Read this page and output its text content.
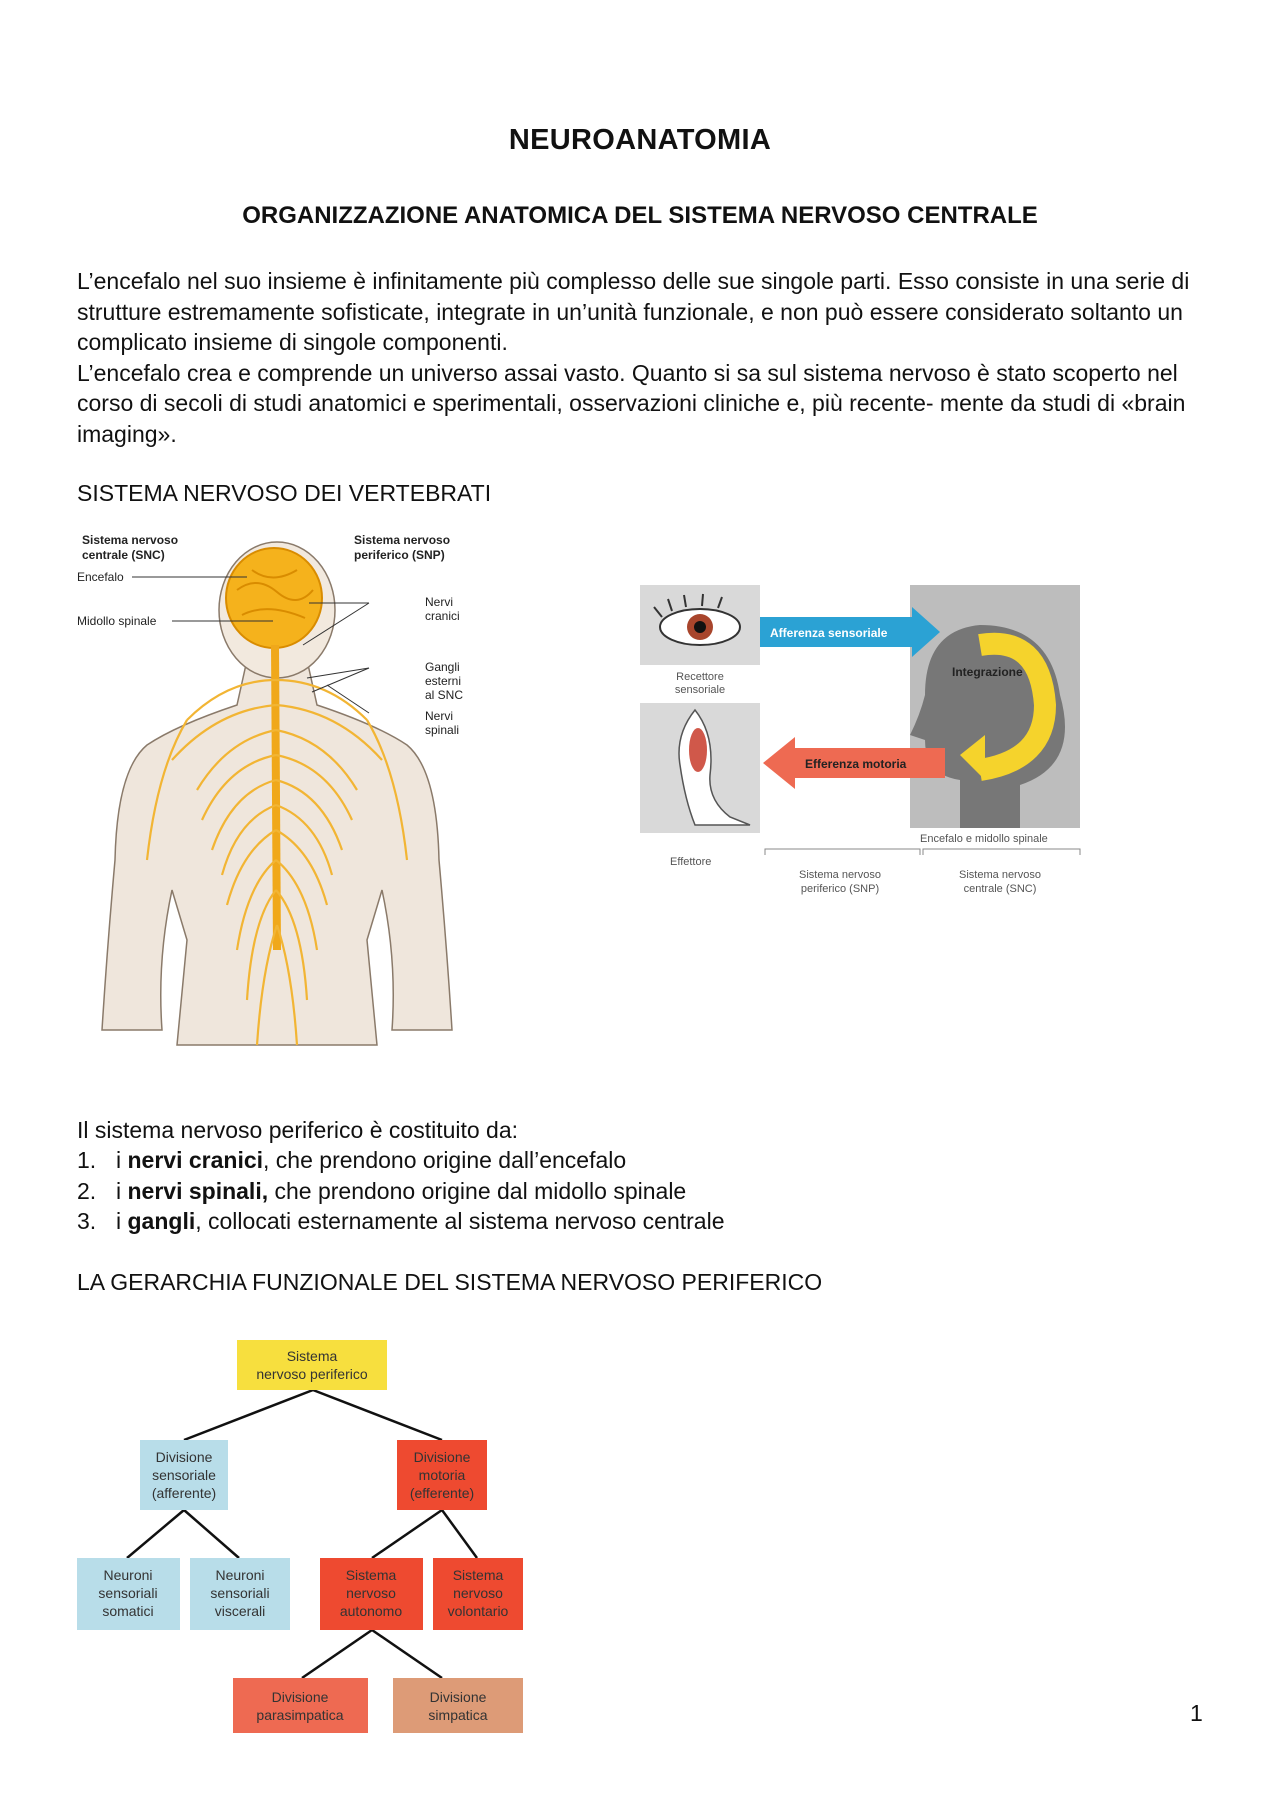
NEUROANATOMIA
ORGANIZZAZIONE ANATOMICA DEL SISTEMA NERVOSO CENTRALE

L’encefalo nel suo insieme è infinitamente più complesso delle sue singole parti. Esso consiste in una serie di strutture estremamente sofisticate, integrate in un’unità funzionale, e non può essere considerato soltanto un complicato insieme di singole componenti.

L’encefalo crea e comprende un universo assai vasto. Quanto si sa sul sistema nervoso è stato scoperto nel corso di secoli di studi anatomici e sperimentali, osservazioni cliniche e, più recente- mente da studi di «brain imaging».

SISTEMA NERVOSO DEI VERTEBRATI
Sistema nervoso
centrale (SNC)
Sistema nervoso
periferico (SNP)
Encefalo
Midollo spinale
Nervi
cranici
Gangli
esterni
al SNC
Nervi
spinali
Afferenza sensoriale
Integrazione
Efferenza motoria
Recettore
sensoriale
Encefalo e midollo spinale
Effettore
Sistema nervoso
periferico (SNP)
Sistema nervoso
centrale (SNC)
Il sistema nervoso periferico è costituito da:
1. i nervi cranici, che prendono origine dall’encefalo
2. i nervi spinali, che prendono origine dal midollo spinale
3. i gangli, collocati esternamente al sistema nervoso centrale
LA GERARCHIA FUNZIONALE DEL SISTEMA NERVOSO PERIFERICO
Sistema
nervoso periferico
Divisione
sensoriale
(afferente)
Divisione
motoria
(efferente)
Neuroni
sensoriali
somatici
Neuroni
sensoriali
viscerali
Sistema
nervoso
autonomo
Sistema
nervoso
volontario
Divisione
parasimpatica
Divisione
simpatica	1
